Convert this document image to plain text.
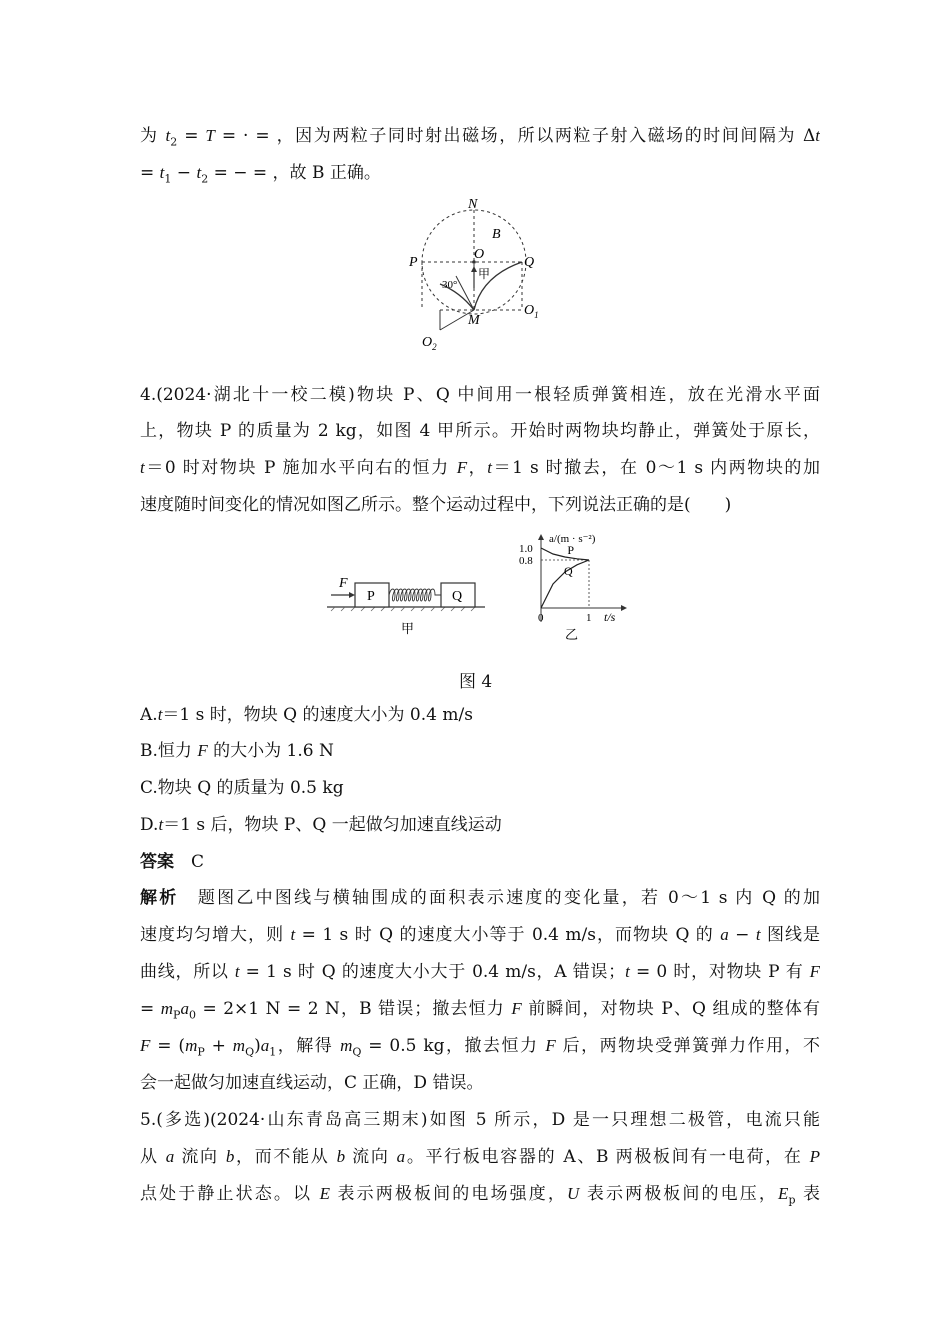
为 $t_2 = T$ = · = ，因为两粒子同时射出磁场，所以两粒子射入磁场的时间间隔为 Δt
= $t_1 - t_2$ = − = ，故 B 正确。
N
B
O
P	Q
甲
30°
$O_1$
M
$O_2$
4.(2024·湖北十一校二模)物块 P、Q 中间用一根轻质弹簧相连，放在光滑水平面
上，物块 P 的质量为 2 kg，如图 4 甲所示。开始时两物块均静止，弹簧处于原长，
t＝0 时对物块 P 施加水平向右的恒力 F，t＝1 s 时撤去，在 0～1 s 内两物块的加
速度随时间变化的情况如图乙所示。整个运动过程中，下列说法正确的是(　　)
F
P	Q
甲
a/(m · s⁻²)
t/s
1.0
0.8
0	1
P
Q
乙
图 4
A.t＝1 s 时，物块 Q 的速度大小为 0.4 m/s
B.恒力 F 的大小为 1.6 N
C.物块 Q 的质量为 0.5 kg
D.t＝1 s 后，物块 P、Q 一起做匀加速直线运动
答案　 C
解析　 题图乙中图线与横轴围成的面积表示速度的变化量，若 0～1 s 内 Q 的加
速度均匀增大，则 t = 1 s 时 Q 的速度大小等于 0.4 m/s，而物块 Q 的 a − t 图线是
曲线，所以 t = 1 s 时 Q 的速度大小大于 0.4 m/s，A 错误；t = 0 时，对物块 P 有 F
= $m_Pa_0 = 2\times 1$ N = 2 N，B 错误；撤去恒力 F 前瞬间，对物块 P、Q 组成的整体有
$F = (m_P + m_Q)a_1$，解得 $m_Q = 0.5$ kg，撤去恒力 F 后，两物块受弹簧弹力作用，不
会一起做匀加速直线运动，C 正确，D 错误。
5.(多选)(2024·山东青岛高三期末)如图 5 所示，D 是一只理想二极管，电流只能
从 a 流向 b，而不能从 b 流向 a。平行板电容器的 A、B 两极板间有一电荷，在 P
点处于静止状态。以 E 表示两极板间的电场强度，U 表示两极板间的电压，$E_p$ 表
